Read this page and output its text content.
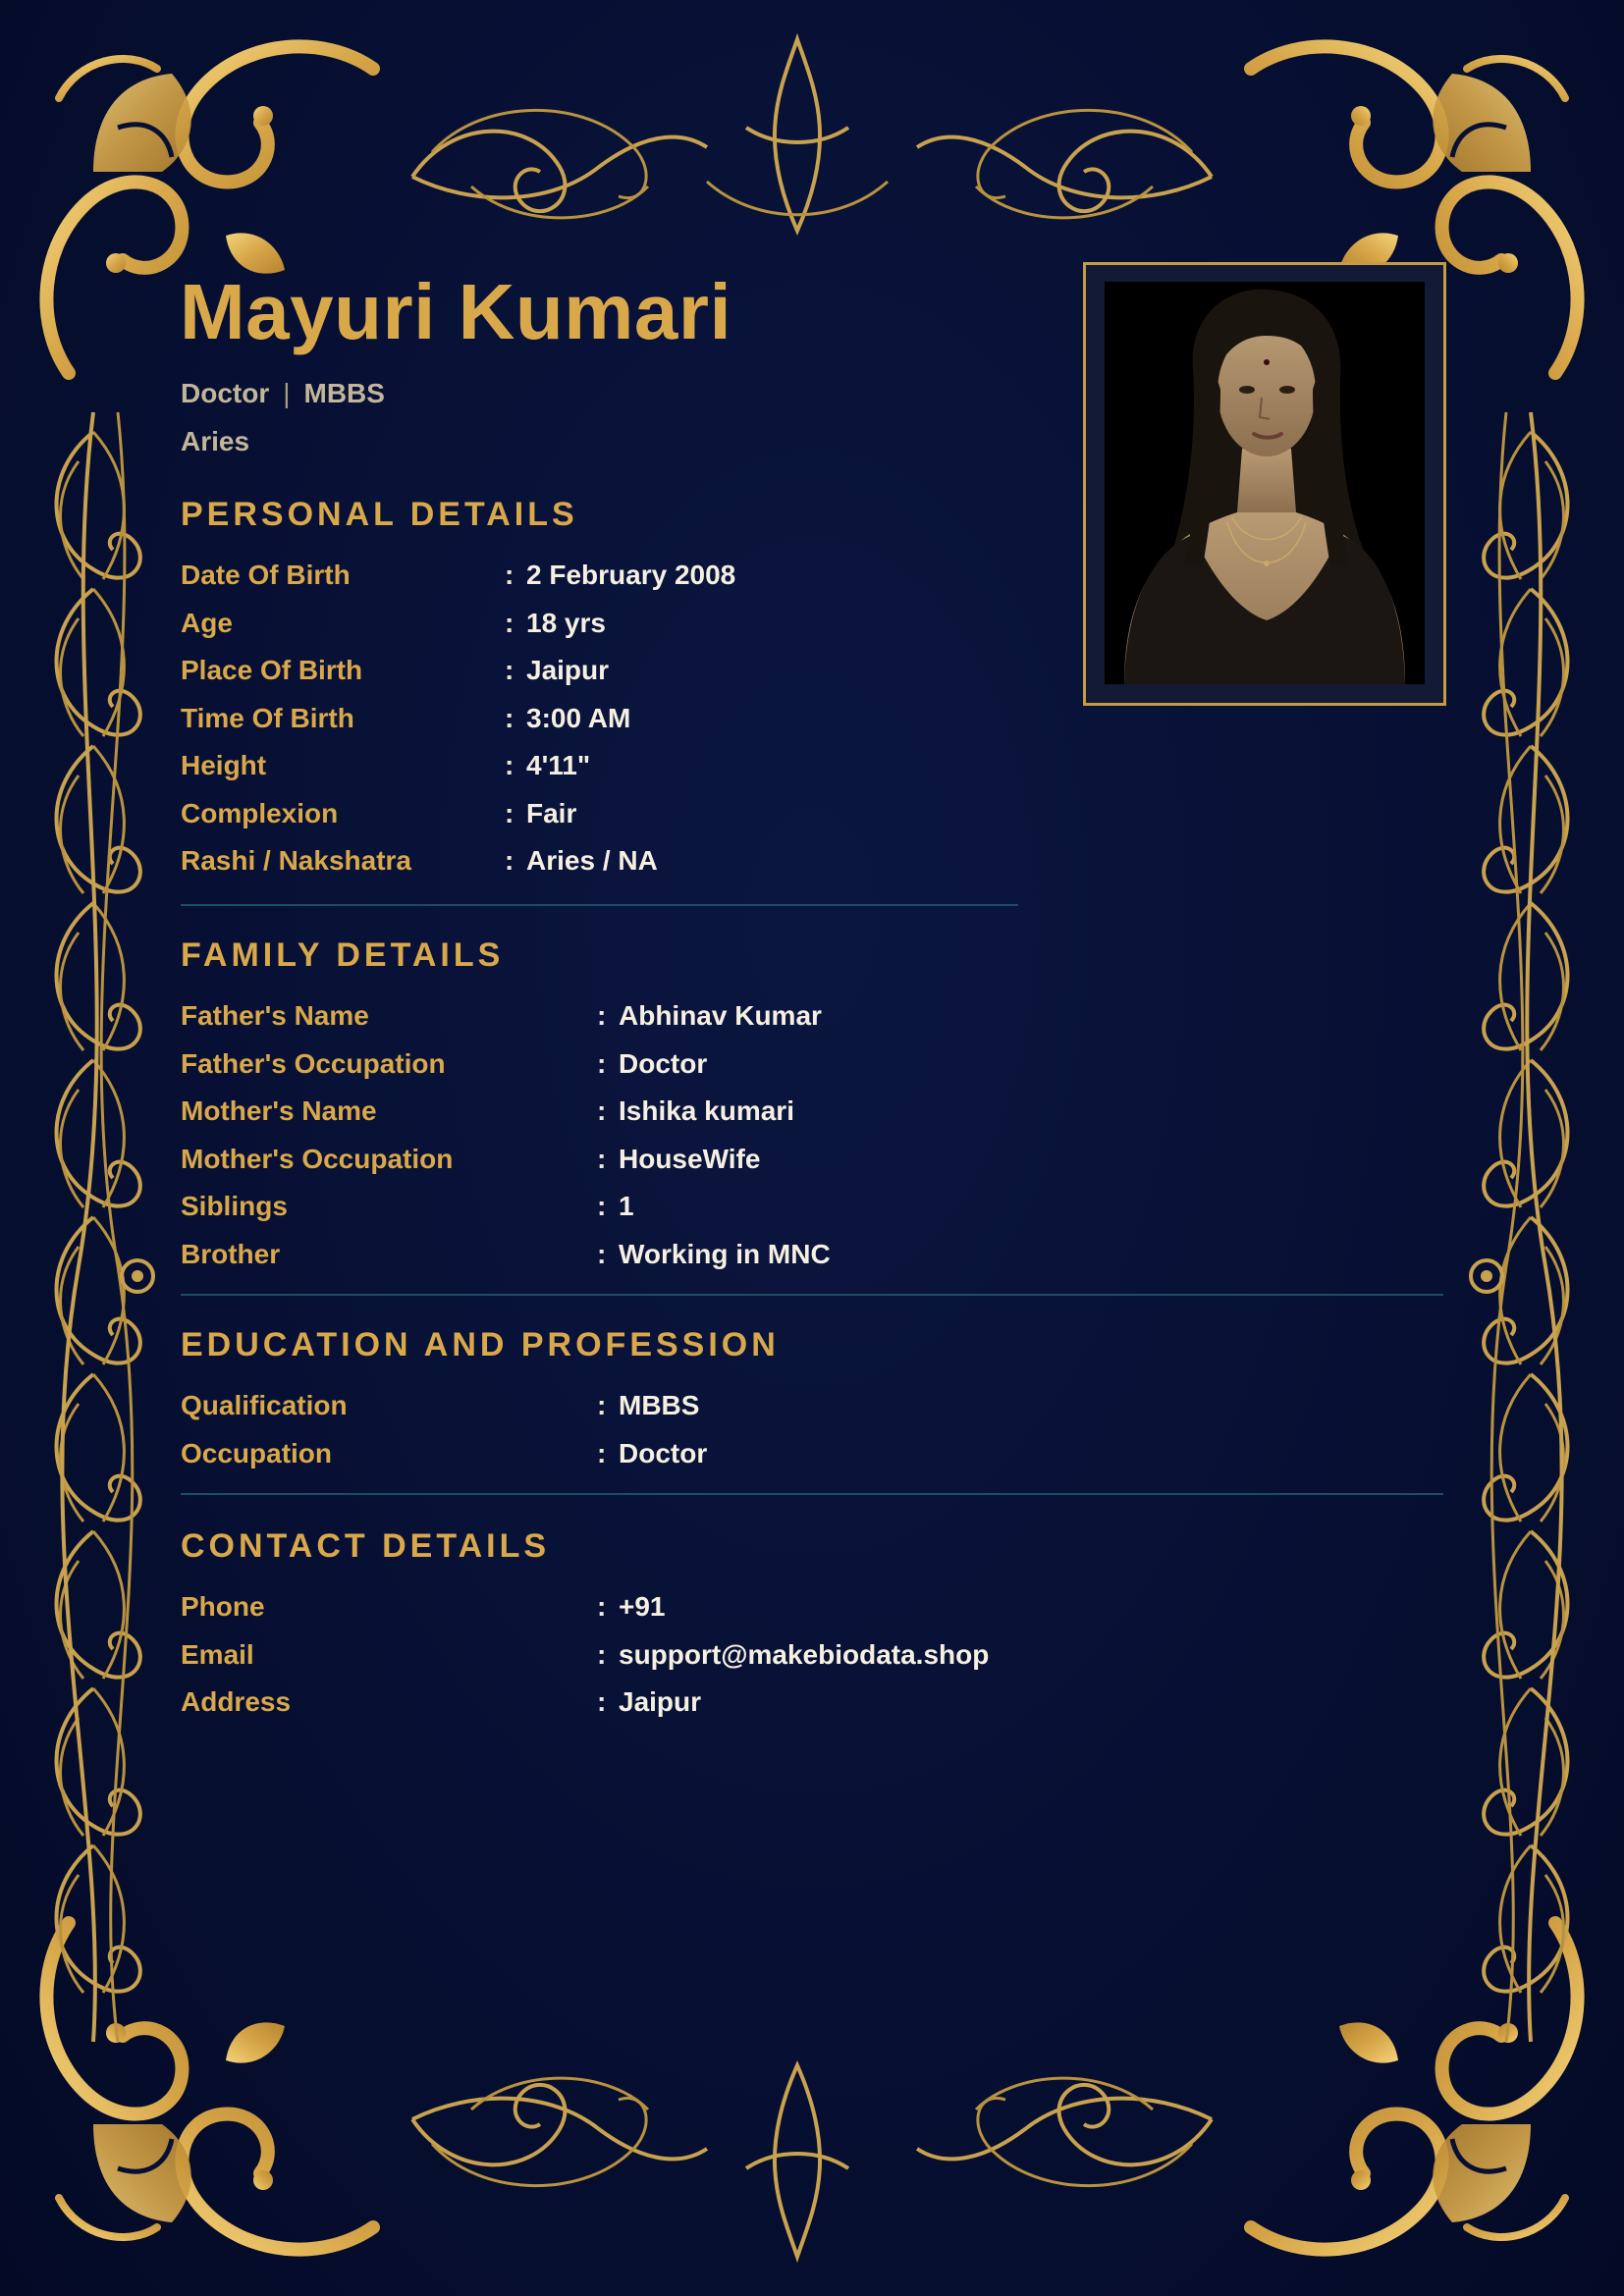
Mayuri Kumari
Doctor | MBBS
Aries
PERSONAL DETAILS
Date Of Birth	: 2 February 2008
Age	: 18 yrs
Place Of Birth	: Jaipur
Time Of Birth	: 3:00 AM
Height	: 4'11"
Complexion	: Fair
Rashi / Nakshatra	: Aries / NA
FAMILY DETAILS
Father's Name	: Abhinav Kumar
Father's Occupation	: Doctor
Mother's Name	: Ishika kumari
Mother's Occupation	: HouseWife
Siblings	: 1
Brother	: Working in MNC
EDUCATION AND PROFESSION
Qualification	: MBBS
Occupation	: Doctor
CONTACT DETAILS
Phone	: +91
Email	: support@makebiodata.shop
Address	: Jaipur
